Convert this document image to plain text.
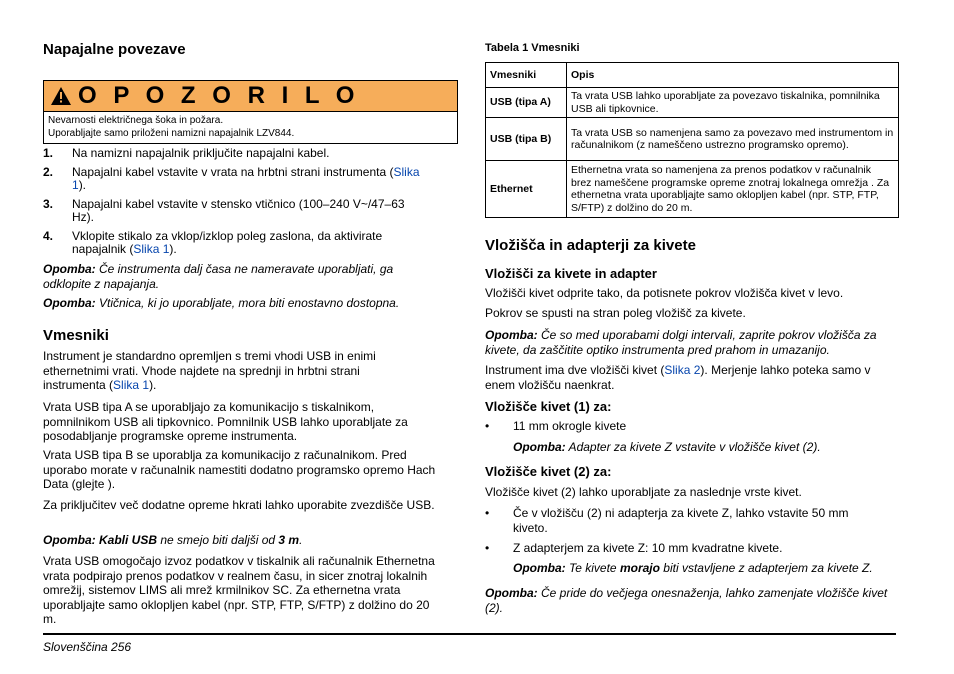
Napajalne povezave
O P O Z O R I L O
Nevarnosti električnega šoka in požara.
Uporabljajte samo priloženi namizni napajalnik LZV844.
1. Na namizni napajalnik priključite napajalni kabel.
2. Napajalni kabel vstavite v vrata na hrbtni strani instrumenta (Slika 1).
3. Napajalni kabel vstavite v stensko vtičnico (100–240 V~/47–63 Hz).
4. Vklopite stikalo za vklop/izklop poleg zaslona, da aktivirate napajalnik (Slika 1).

Opomba: Če instrumenta dalj časa ne nameravate uporabljati, ga odklopite z napajanja.

Opomba: Vtičnica, ki jo uporabljate, mora biti enostavno dostopna.

Vmesniki

Instrument je standardno opremljen s tremi vhodi USB in enimi ethernetnimi vrati. Vhode najdete na sprednji in hrbtni strani instrumenta (Slika 1).

Vrata USB tipa A se uporabljajo za komunikacijo s tiskalnikom, pomnilnikom USB ali tipkovnico. Pomnilnik USB lahko uporabljate za posodabljanje programske opreme instrumenta.

Vrata USB tipa B se uporablja za komunikacijo z računalnikom. Pred uporabo morate v računalnik namestiti dodatno programsko opremo Hach Data (glejte ).

Za priključitev več dodatne opreme hkrati lahko uporabite zvezdišče USB.

Opomba: Kabli USB ne smejo biti daljši od 3 m.

Vrata USB omogočajo izvoz podatkov v tiskalnik ali računalnik Ethernetna vrata podpirajo prenos podatkov v realnem času, in sicer znotraj lokalnih omrežij, sistemov LIMS ali mrež krmilnikov SC. Za ethernetna vrata uporabljajte samo oklopljen kabel (npr. STP, FTP, S/FTP) z dolžino do 20 m.

Tabela 1 Vmesniki

Vmesniki	Opis
USB (tipa A)	Ta vrata USB lahko uporabljate za povezavo tiskalnika, pomnilnika USB ali tipkovnice.
USB (tipa B)	Ta vrata USB so namenjena samo za povezavo med instrumentom in računalnikom (z nameščeno ustrezno programsko opremo).
Ethernet	Ethernetna vrata so namenjena za prenos podatkov v računalnik brez nameščene programske opreme znotraj lokalnega omrežja . Za ethernetna vrata uporabljajte samo oklopljen kabel (npr. STP, FTP, S/FTP) z dolžino do 20 m.
Vložišča in adapterji za kivete
Vložišči za kivete in adapter

Vložišči kivet odprite tako, da potisnete pokrov vložišča kivet v levo.

Pokrov se spusti na stran poleg vložišč za kivete.

Opomba: Če so med uporabami dolgi intervali, zaprite pokrov vložišča za kivete, da zaščitite optiko instrumenta pred prahom in umazanijo.

Instrument ima dve vložišči kivet (Slika 2). Merjenje lahko poteka samo v enem vložišču naenkrat.

Vložišče kivet (1) za:
• 11 mm okrogle kivete

Opomba: Adapter za kivete Z vstavite v vložišče kivet (2).

Vložišče kivet (2) za:

Vložišče kivet (2) lahko uporabljate za naslednje vrste kivet.

• Če v vložišču (2) ni adapterja za kivete Z, lahko vstavite 50 mm kiveto.
• Z adapterjem za kivete Z: 10 mm kvadratne kivete.

Opomba: Te kivete morajo biti vstavljene z adapterjem za kivete Z.

Opomba: Če pride do večjega onesnaženja, lahko zamenjate vložišče kivet (2).

Slovenščina 256
